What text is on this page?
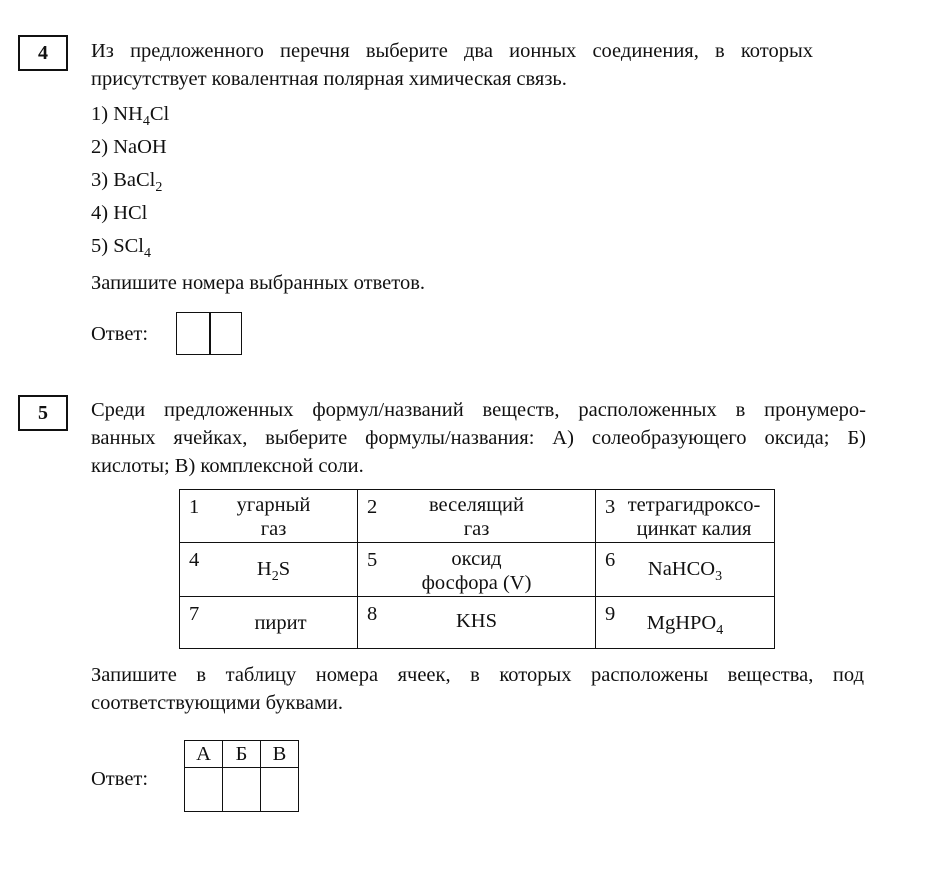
4	Из предложенного перечня выберите два ионных соединения, в которых
присутствует ковалентная полярная химическая связь.
1) $NH_4Cl$
2) NaOH
3) BaCl$_2$
4) HCl
5) SCl$_4$
Запишите номера выбранных ответов.
Ответ:
5	Среди предложенных формул/названий веществ, расположенных в пронумеро-
ванных ячейках, выберите формулы/названия: А) солеобразующего оксида; Б)
кислоты; В) комплексной соли.
1 угарный
газ	2 веселящий
газ	3 тетрагидроксо-
цинкат калия

4 $H_2S$	5 оксид
фосфора (V)	6 NaHCO$_3$

7 пирит	8 KHS	9 MgHPO$_4$
Запишите в таблицу номера ячеек, в которых расположены вещества, под
соответствующими буквами.
Ответ:
А	Б	В
